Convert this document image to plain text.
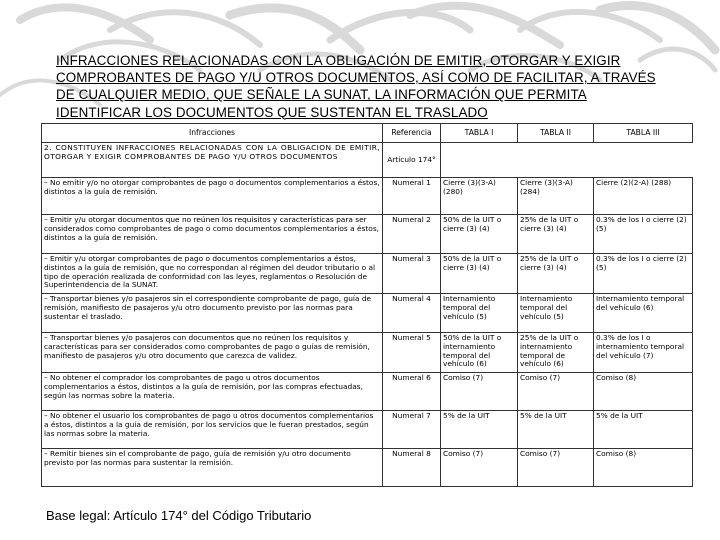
INFRACCIONES RELACIONADAS CON LA OBLIGACIÓN DE EMITIR, OTORGAR Y EXIGIR
COMPROBANTES DE PAGO Y/U OTROS DOCUMENTOS, ASÍ COMO DE FACILITAR, A TRAVÉS
DE CUALQUIER MEDIO, QUE SEÑALE LA SUNAT, LA INFORMACIÓN QUE PERMITA
IDENTIFICAR LOS DOCUMENTOS QUE SUSTENTAN EL TRASLADO
Infracciones	Referencia	TABLA I	TABLA II	TABLA III
2. CONSTITUYEN INFRACCIONES RELACIONADAS CON LA OBLIGACION DE EMITIR, OTORGAR Y EXIGIR COMPROBANTES DE PAGO Y/U OTROS DOCUMENTOS	Artículo 174°			
– No emitir y/o no otorgar comprobantes de pago o documentos complementarios a éstos, distintos a la guía de remisión.	Numeral 1	Cierre (3)(3-A) (280)	Cierre (3)(3-A) (284)	Cierre (2)(2-A) (288)
– Emitir y/u otorgar documentos que no reúnen los requisitos y características para ser considerados como comprobantes de pago o como documentos complementarios a éstos, distintos a la guía de remisión.	Numeral 2	50% de la UIT o cierre (3) (4)	25% de la UIT o cierre (3) (4)	0.3% de los I o cierre (2) (5)
– Emitir y/u otorgar comprobantes de pago o documentos complementarios a éstos, distintos a la guía de remisión, que no correspondan al régimen del deudor tributario o al tipo de operación realizada de conformidad con las leyes, reglamentos o Resolución de Superintendencia de la SUNAT.	Numeral 3	50% de la UIT o cierre (3) (4)	25% de la UIT o cierre (3) (4)	0.3% de los I o cierre (2) (5)
– Transportar bienes y/o pasajeros sin el correspondiente comprobante de pago, guía de remisión, manifiesto de pasajeros y/u otro documento previsto por las normas para sustentar el traslado.	Numeral 4	Internamiento temporal del vehículo (5)	Internamiento temporal del vehículo (5)	Internamiento temporal del vehículo (6)
– Transportar bienes y/o pasajeros con documentos que no reúnen los requisitos y características para ser considerados como comprobantes de pago o guías de remisión, manifiesto de pasajeros y/u otro documento que carezca de validez.	Numeral 5	50% de la UIT o internamiento temporal del vehículo (6)	25% de la UIT o internamiento temporal de vehículo (6)	0.3% de los I o internamiento temporal del vehículo (7)
– No obtener el comprador los comprobantes de pago u otros documentos complementarios a éstos, distintos a la guía de remisión, por las compras efectuadas, según las normas sobre la materia.	Numeral 6	Comiso (7)	Comiso (7)	Comiso (8)
– No obtener el usuario los comprobantes de pago u otros documentos complementarios a éstos, distintos a la guía de remisión, por los servicios que le fueran prestados, según las normas sobre la materia.	Numeral 7	5% de la UIT	5% de la UIT	5% de la UIT
– Remitir bienes sin el comprobante de pago, guía de remisión y/u otro documento previsto por las normas para sustentar la remisión.	Numeral 8	Comiso (7)	Comiso (7)	Comiso (8)
Base legal: Artículo 174° del Código Tributario
